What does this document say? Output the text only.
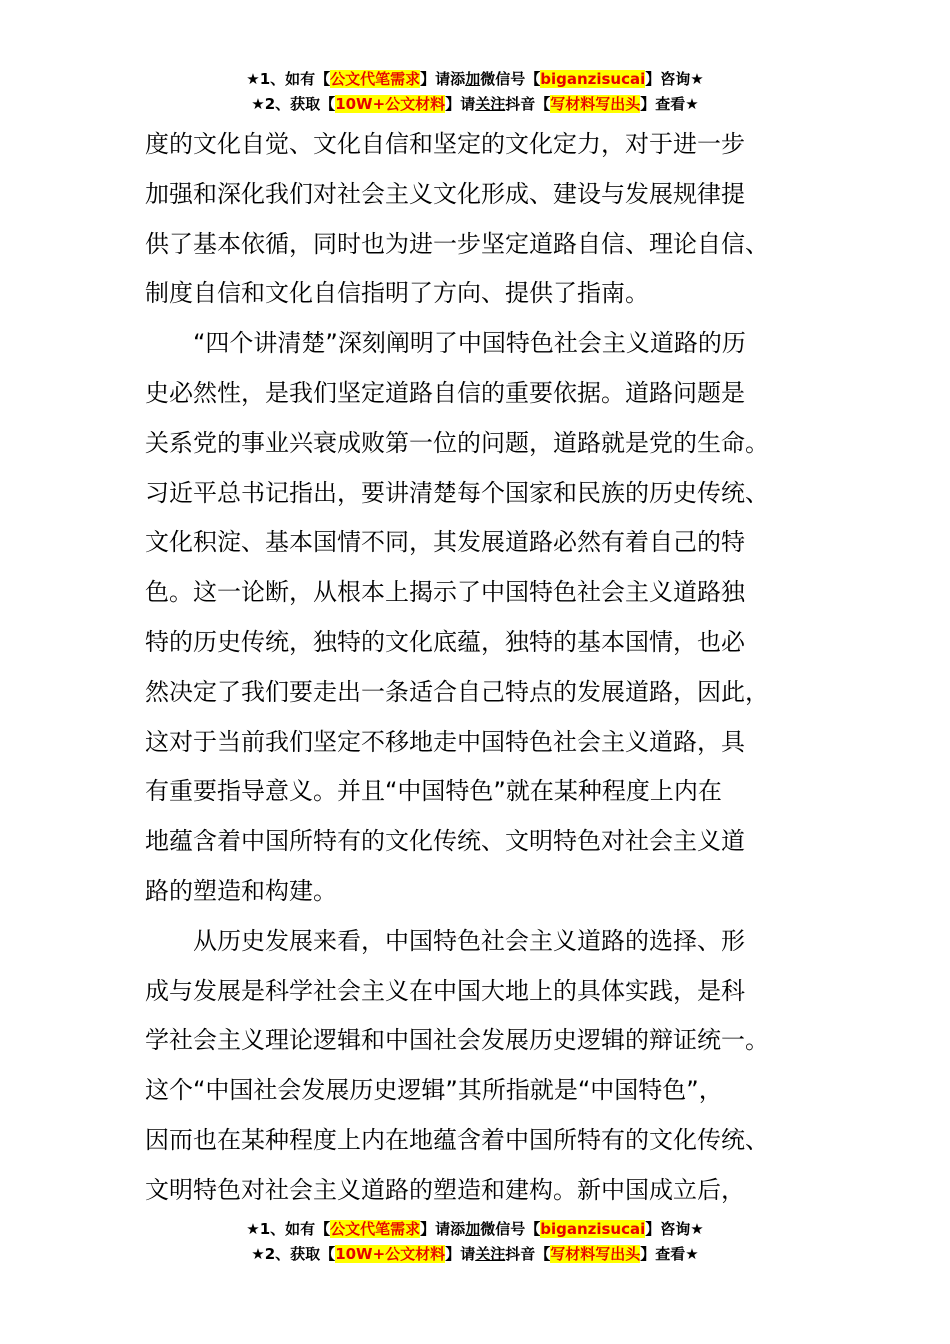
★1、如有【公文代笔需求】请添加微信号【biganzisucai】咨询★
★2、获取【10W+公文材料】请关注抖音【写材料写出头】查看★
度的文化自觉、文化自信和坚定的文化定力，对于进一步
加强和深化我们对社会主义文化形成、建设与发展规律提
供了基本依循，同时也为进一步坚定道路自信、理论自信、
制度自信和文化自信指明了方向、提供了指南。
“四个讲清楚”深刻阐明了中国特色社会主义道路的历
史必然性，是我们坚定道路自信的重要依据。道路问题是
关系党的事业兴衰成败第一位的问题，道路就是党的生命。
习近平总书记指出，要讲清楚每个国家和民族的历史传统、
文化积淀、基本国情不同，其发展道路必然有着自己的特
色。这一论断，从根本上揭示了中国特色社会主义道路独
特的历史传统，独特的文化底蕴，独特的基本国情，也必
然决定了我们要走出一条适合自己特点的发展道路，因此，
这对于当前我们坚定不移地走中国特色社会主义道路，具
有重要指导意义。并且“中国特色”就在某种程度上内在
地蕴含着中国所特有的文化传统、文明特色对社会主义道
路的塑造和构建。
从历史发展来看，中国特色社会主义道路的选择、形
成与发展是科学社会主义在中国大地上的具体实践，是科
学社会主义理论逻辑和中国社会发展历史逻辑的辩证统一。
这个“中国社会发展历史逻辑”其所指就是“中国特色”，
因而也在某种程度上内在地蕴含着中国所特有的文化传统、
文明特色对社会主义道路的塑造和建构。新中国成立后，
★1、如有【公文代笔需求】请添加微信号【biganzisucai】咨询★
★2、获取【10W+公文材料】请关注抖音【写材料写出头】查看★
